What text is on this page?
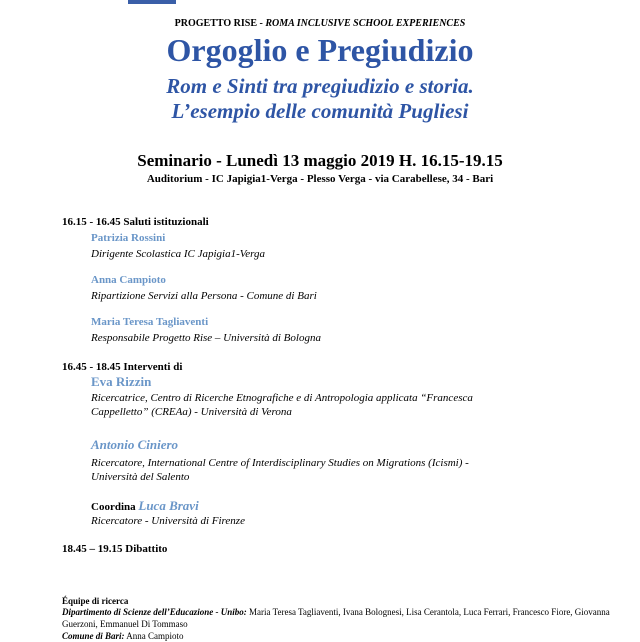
PROGETTO RISE - ROMA INCLUSIVE SCHOOL EXPERIENCES
Orgoglio e Pregiudizio
Rom e Sinti tra pregiudizio e storia.
L’esempio delle comunità Pugliesi
Seminario - Lunedì 13 maggio 2019 H. 16.15-19.15
Auditorium - IC Japigia1-Verga - Plesso Verga - via Carabellese, 34 - Bari
16.15 - 16.45 Saluti istituzionali
Patrizia Rossini
Dirigente Scolastica IC Japigia1-Verga
Anna Campioto
Ripartizione Servizi alla Persona - Comune di Bari
Maria Teresa Tagliaventi
Responsabile Progetto Rise – Università di Bologna
16.45 - 18.45 Interventi di
Eva Rizzin
Ricercatrice, Centro di Ricerche Etnografiche e di Antropologia applicata “Francesca
Cappelletto” (CREAa) - Università di Verona
Antonio Ciniero
Ricercatore, International Centre of Interdisciplinary Studies on Migrations (Icismi) -
Università del Salento
Coordina Luca Bravi
Ricercatore - Università di Firenze
18.45 – 19.15 Dibattito
Équipe di ricerca
Dipartimento di Scienze dell’Educazione - Unibo: Maria Teresa Tagliaventi, Ivana Bolognesi, Lisa Cerantola, Luca Ferrari, Francesco Fiore, Giovanna Guerzoni, Emmanuel Di Tommaso
Comune di Bari: Anna Campioto
